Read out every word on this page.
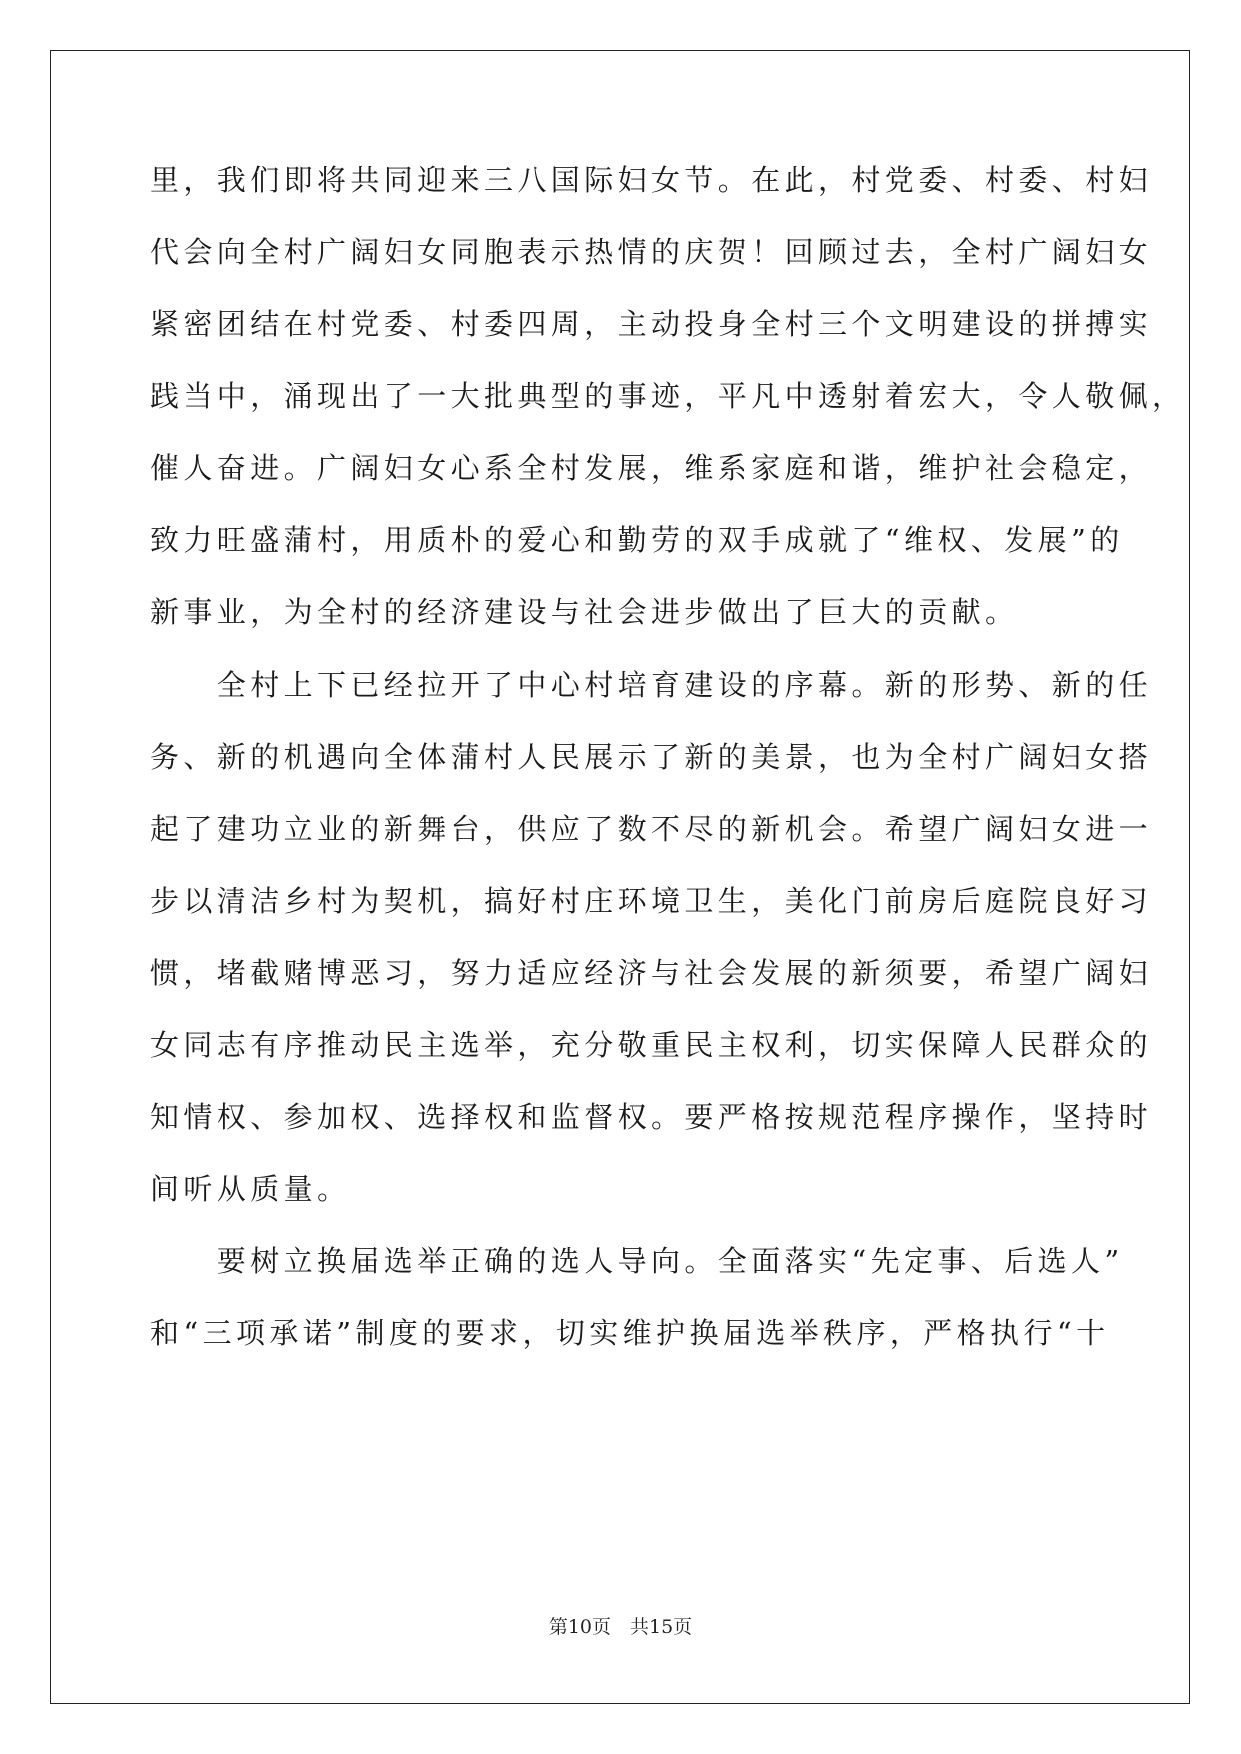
里，我们即将共同迎来三八国际妇女节。在此，村党委、村委、村妇
代会向全村广阔妇女同胞表示热情的庆贺！回顾过去，全村广阔妇女
紧密团结在村党委、村委四周，主动投身全村三个文明建设的拼搏实
践当中，涌现出了一大批典型的事迹，平凡中透射着宏大，令人敬佩，
催人奋进。广阔妇女心系全村发展，维系家庭和谐，维护社会稳定，
致力旺盛蒲村，用质朴的爱心和勤劳的双手成就了“维权、发展”的
新事业，为全村的经济建设与社会进步做出了巨大的贡献。
　　全村上下已经拉开了中心村培育建设的序幕。新的形势、新的任
务、新的机遇向全体蒲村人民展示了新的美景，也为全村广阔妇女搭
起了建功立业的新舞台，供应了数不尽的新机会。希望广阔妇女进一
步以清洁乡村为契机，搞好村庄环境卫生，美化门前房后庭院良好习
惯，堵截赌博恶习，努力适应经济与社会发展的新须要，希望广阔妇
女同志有序推动民主选举，充分敬重民主权利，切实保障人民群众的
知情权、参加权、选择权和监督权。要严格按规范程序操作，坚持时
间听从质量。
　　要树立换届选举正确的选人导向。全面落实“先定事、后选人”
和“三项承诺”制度的要求，切实维护换届选举秩序，严格执行“十
第10页　共15页
